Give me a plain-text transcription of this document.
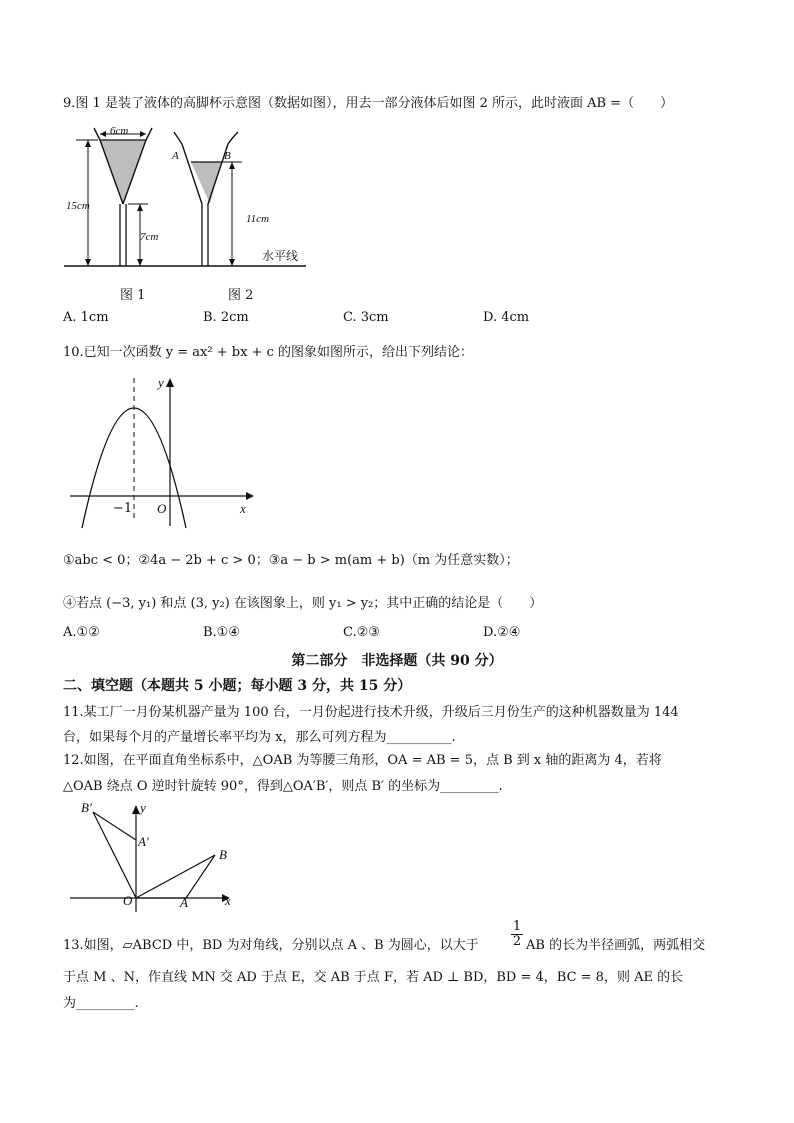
9.图 1 是装了液体的高脚杯示意图（数据如图），用去一部分液体后如图 2 所示，此时液面 AB =（　　）
6cm
15cm
7cm
11cm
A	B
水平线
图 1	图 2
A. 1cm	B. 2cm	C. 3cm	D. 4cm
10.已知一次函数 y = ax² + bx + c 的图象如图所示，给出下列结论：
y
x
O
−1
①abc < 0；②4a − 2b + c > 0；③a − b > m(am + b)（m 为任意实数）；
④若点 (−3, y₁) 和点 (3, y₂) 在该图象上，则 y₁ > y₂；其中正确的结论是（　　）
A.①②	B.①④	C.②③	D.②④
第二部分　非选择题（共 90 分）
二、填空题（本题共 5 小题；每小题 3 分，共 15 分）
11.某工厂一月份某机器产量为 100 台，一月份起进行技术升级，升级后三月份生产的这种机器数量为 144
台，如果每个月的产量增长率平均为 x，那么可列方程为__________.
12.如图，在平面直角坐标系中，△OAB 为等腰三角形，OA = AB = 5，点 B 到 x 轴的距离为 4，若将
△OAB 绕点 O 逆时针旋转 90°，得到△OA′B′，则点 B′ 的坐标为_________.
B′	y
A′
B
O	A	x
13.如图，▱ABCD 中，BD 为对角线，分别以点 A 、B 为圆心，以大于 $\frac{1}{2}$ AB 的长为半径画弧，两弧相交
于点 M 、N，作直线 MN 交 AD 于点 E，交 AB 于点 F，若 AD ⊥ BD，BD = 4，BC = 8，则 AE 的长
为_________.
